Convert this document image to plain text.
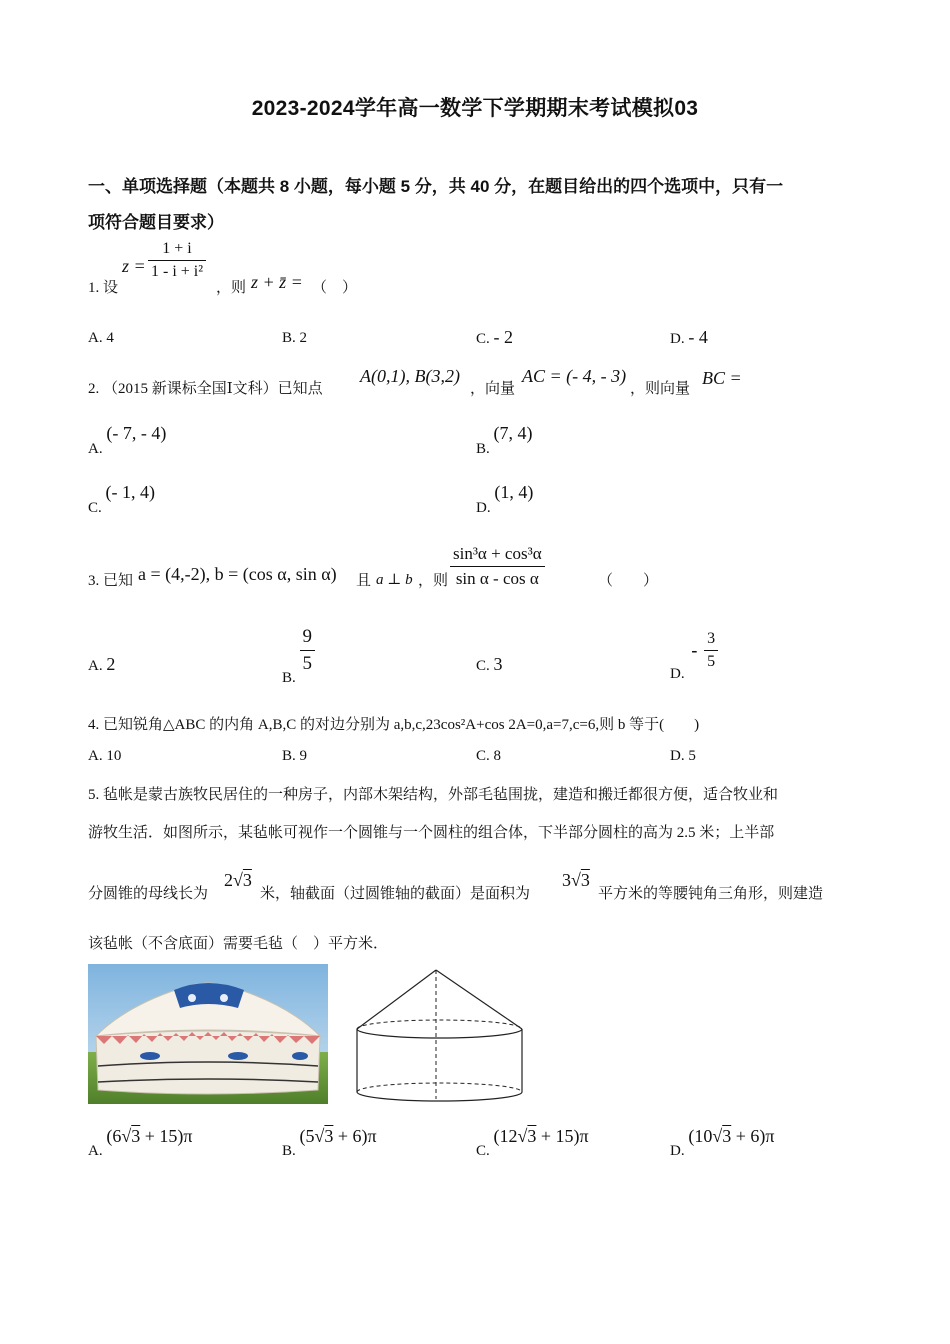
2023-2024学年高一数学下学期期末考试模拟03
一、单项选择题（本题共 8 小题，每小题 5 分，共 40 分，在题目给出的四个选项中，只有一
项符合题目要求）
1. 设
$z = \frac{1 + i}{\text{1 - i + i²}}$
，则 z + z̄ = （　）
A. 4	B. 2	C. - 2	D. - 4
2. （2015 新课标全国Ⅰ文科）已知点
A(0,1), B(3,2)
，向量
AC = (- 4, - 3)
，则向量
BC =
A. (- 7, - 4)
B. (7, 4)
C. (- 1, 4)
D. (1, 4)
3. 已知 a = (4,-2), b = (cos α, sin α) 且 a ⊥ b ，则 $\frac{\text{sin³α + cos³α}}{\text{sin α - cos α}}$	（　　）
A. 2
B.
$\frac{9}{5}$	C. 3	D. - $\frac{3}{5}$
4. 已知锐角△ABC 的内角 A,B,C 的对边分别为 a,b,c,23cos²A+cos 2A=0,a=7,c=6,则 b 等于(　　)
A. 10	B. 9	C. 8	D. 5
5. 毡帐是蒙古族牧民居住的一种房子，内部木架结构，外部毛毡围拢，建造和搬迁都很方便，适合牧业和
游牧生活．如图所示，某毡帐可视作一个圆锥与一个圆柱的组合体，下半部分圆柱的高为 2.5 米；上半部
分圆锥的母线长为
2√3
米，轴截面（过圆锥轴的截面）是面积为
3√3
平方米的等腰钝角三角形，则建造
该毡帐（不含底面）需要毛毡（　）平方米．
A. (6√3 + 15)π
B. (5√3 + 6)π
C. (12√3 + 15)π
D. (10√3 + 6)π
